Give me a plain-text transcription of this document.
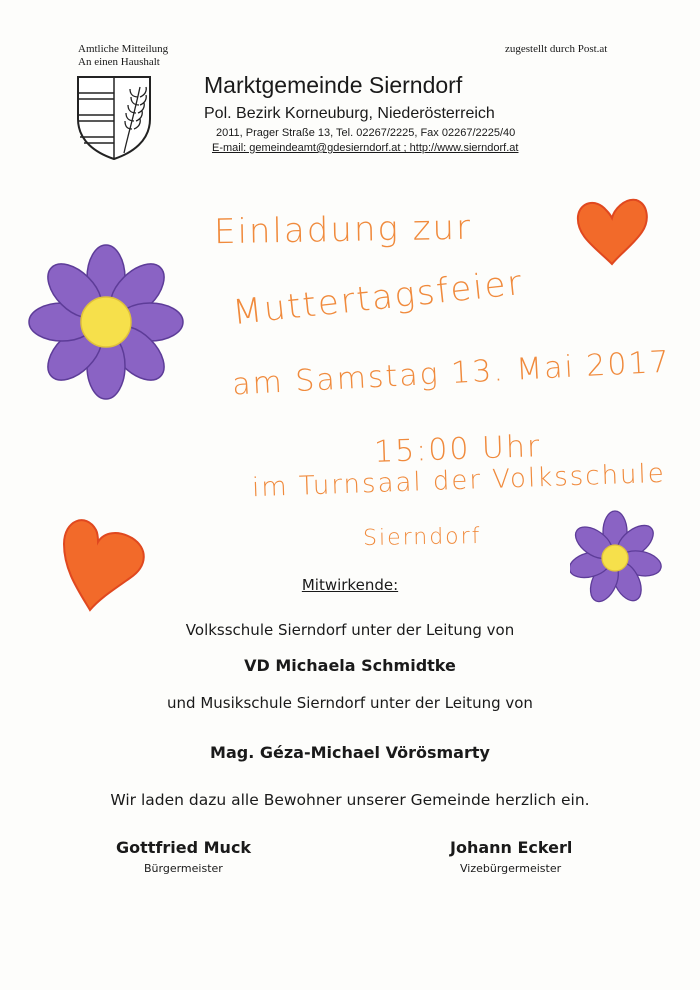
Amtliche Mitteilung
An einen Haushalt
zugestellt durch Post.at
Marktgemeinde Sierndorf
Pol. Bezirk Korneuburg, Niederösterreich
2011, Prager Straße 13, Tel. 02267/2225, Fax 02267/2225/40
E-mail: gemeindeamt@gdesierndorf.at ; http://www.sierndorf.at
Einladung zur
Muttertagsfeier
am Samstag 13. Mai 2017
15:00 Uhr
im Turnsaal der Volksschule
Sierndorf
Mitwirkende:
Volksschule Sierndorf unter der Leitung von
VD Michaela Schmidtke
und Musikschule Sierndorf unter der Leitung von
Mag. Géza-Michael Vörösmarty
Wir laden dazu alle Bewohner unserer Gemeinde herzlich ein.
Gottfried Muck
Bürgermeister
Johann Eckerl
Vizebürgermeister
